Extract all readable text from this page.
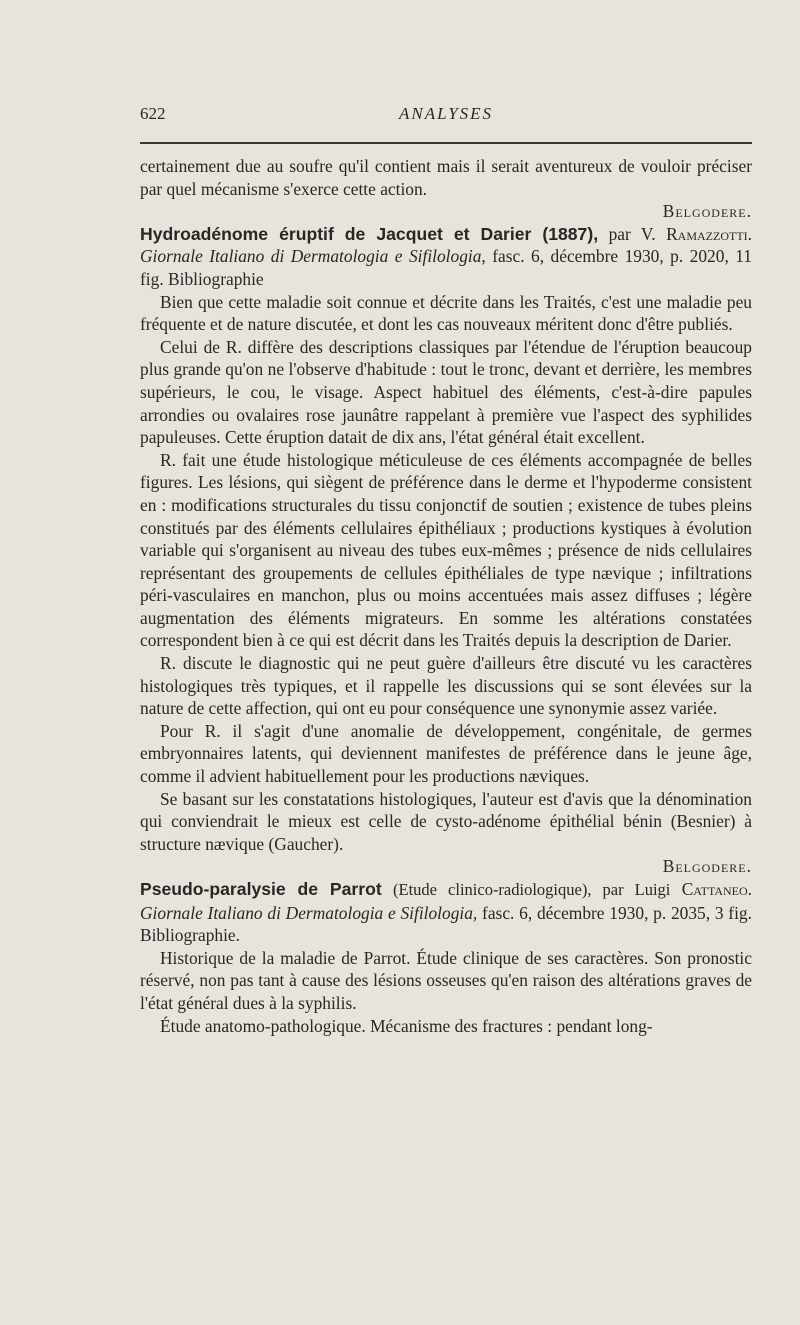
622	ANALYSES

certainement due au soufre qu'il contient mais il serait aventureux de vouloir préciser par quel mécanisme s'exerce cette action.

Belgodere.

Hydroadénome éruptif de Jacquet et Darier (1887), par V. Ramazzotti. Giornale Italiano di Dermatologia e Sifilologia, fasc. 6, décembre 1930, p. 2020, 11 fig. Bibliographie

Bien que cette maladie soit connue et décrite dans les Traités, c'est une maladie peu fréquente et de nature discutée, et dont les cas nouveaux méritent donc d'être publiés.

Celui de R. diffère des descriptions classiques par l'étendue de l'éruption beaucoup plus grande qu'on ne l'observe d'habitude : tout le tronc, devant et derrière, les membres supérieurs, le cou, le visage. Aspect habituel des éléments, c'est-à-dire papules arrondies ou ovalaires rose jaunâtre rappelant à première vue l'aspect des syphilides papuleuses. Cette éruption datait de dix ans, l'état général était excellent.

R. fait une étude histologique méticuleuse de ces éléments accompagnée de belles figures. Les lésions, qui siègent de préférence dans le derme et l'hypoderme consistent en : modifications structurales du tissu conjonctif de soutien ; existence de tubes pleins constitués par des éléments cellulaires épithéliaux ; productions kystiques à évolution variable qui s'organisent au niveau des tubes eux-mêmes ; présence de nids cellulaires représentant des groupements de cellules épithéliales de type nævique ; infiltrations péri-vasculaires en manchon, plus ou moins accentuées mais assez diffuses ; légère augmentation des éléments migrateurs. En somme les altérations constatées correspondent bien à ce qui est décrit dans les Traités depuis la description de Darier.

R. discute le diagnostic qui ne peut guère d'ailleurs être discuté vu les caractères histologiques très typiques, et il rappelle les discussions qui se sont élevées sur la nature de cette affection, qui ont eu pour conséquence une synonymie assez variée.

Pour R. il s'agit d'une anomalie de développement, congénitale, de germes embryonnaires latents, qui deviennent manifestes de préférence dans le jeune âge, comme il advient habituellement pour les productions næviques.

Se basant sur les constatations histologiques, l'auteur est d'avis que la dénomination qui conviendrait le mieux est celle de cysto-adénome épithélial bénin (Besnier) à structure nævique (Gaucher).

Belgodere.

Pseudo-paralysie de Parrot (Etude clinico-radiologique), par Luigi Cattaneo. Giornale Italiano di Dermatologia e Sifilologia, fasc. 6, décembre 1930, p. 2035, 3 fig. Bibliographie.

Historique de la maladie de Parrot. Étude clinique de ses caractères. Son pronostic réservé, non pas tant à cause des lésions osseuses qu'en raison des altérations graves de l'état général dues à la syphilis.

Étude anatomo-pathologique. Mécanisme des fractures : pendant long-
